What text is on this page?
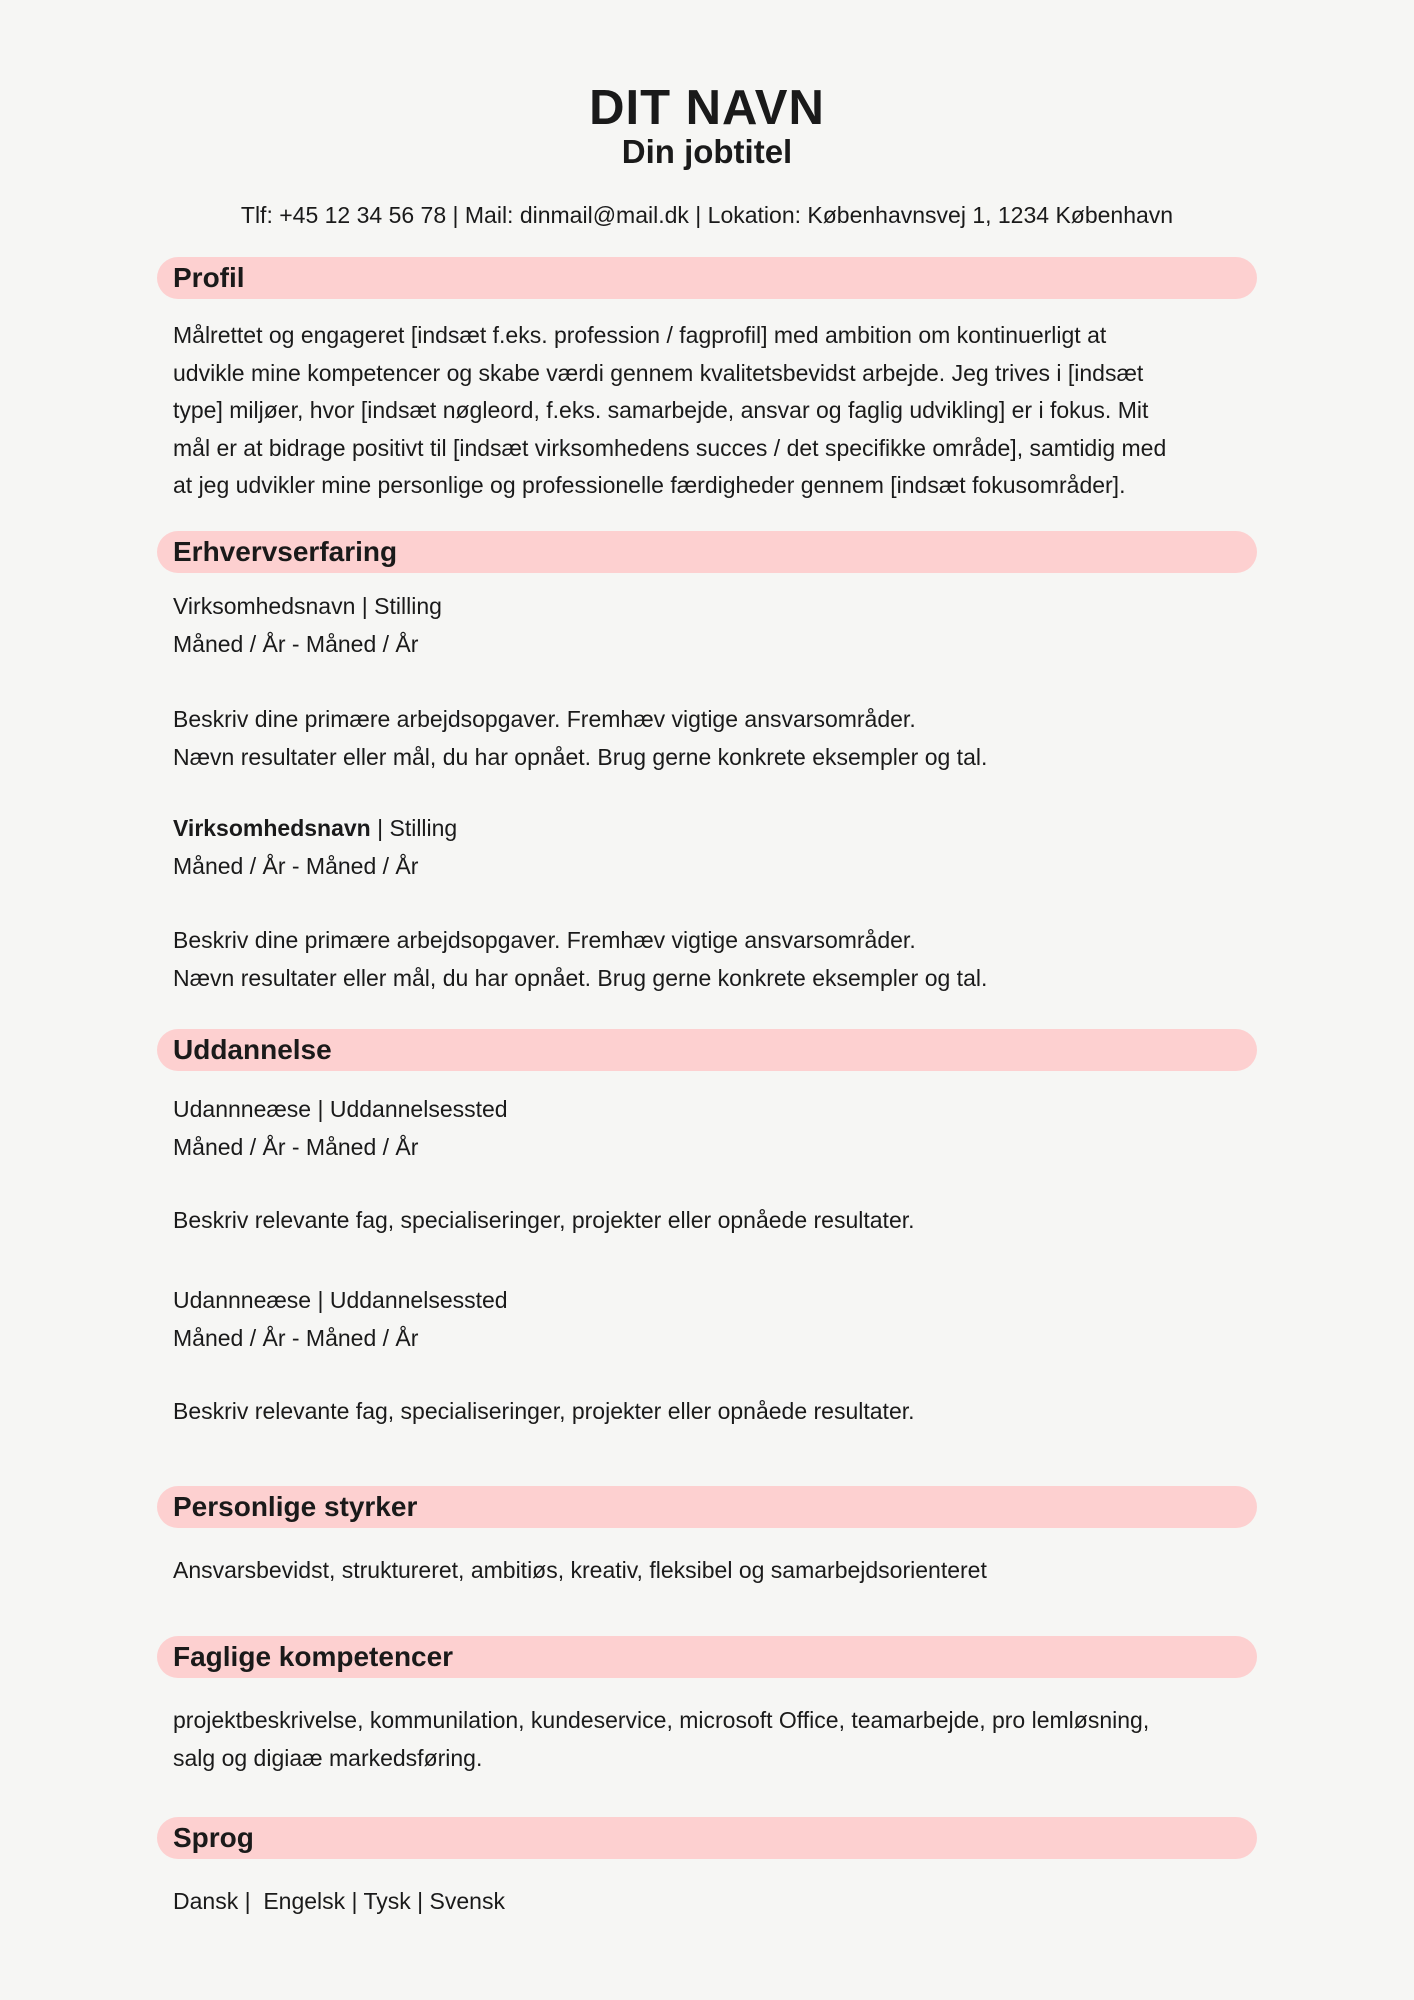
DIT NAVN
Din jobtitel
Tlf: +45 12 34 56 78 | Mail: dinmail@mail.dk | Lokation: Københavnsvej 1, 1234 København
Profil
Målrettet og engageret [indsæt f.eks. profession / fagprofil] med ambition om kontinuerligt at
udvikle mine kompetencer og skabe værdi gennem kvalitetsbevidst arbejde. Jeg trives i [indsæt
type] miljøer, hvor [indsæt nøgleord, f.eks. samarbejde, ansvar og faglig udvikling] er i fokus. Mit
mål er at bidrage positivt til [indsæt virksomhedens succes / det specifikke område], samtidig med
at jeg udvikler mine personlige og professionelle færdigheder gennem [indsæt fokusområder].
Erhvervserfaring
Virksomhedsnavn | Stilling
Måned / År - Måned / År
Beskriv dine primære arbejdsopgaver. Fremhæv vigtige ansvarsområder.
Nævn resultater eller mål, du har opnået. Brug gerne konkrete eksempler og tal.
Virksomhedsnavn | Stilling
Måned / År - Måned / År
Beskriv dine primære arbejdsopgaver. Fremhæv vigtige ansvarsområder.
Nævn resultater eller mål, du har opnået. Brug gerne konkrete eksempler og tal.
Uddannelse
Udannneæse | Uddannelsessted
Måned / År - Måned / År
Beskriv relevante fag, specialiseringer, projekter eller opnåede resultater.
Udannneæse | Uddannelsessted
Måned / År - Måned / År
Beskriv relevante fag, specialiseringer, projekter eller opnåede resultater.
Personlige styrker
Ansvarsbevidst, struktureret, ambitiøs, kreativ, fleksibel og samarbejdsorienteret
Faglige kompetencer
projektbeskrivelse, kommunilation, kundeservice, microsoft Office, teamarbejde, pro lemløsning,
salg og digiaæ markedsføring.
Sprog
Dansk |  Engelsk | Tysk | Svensk
